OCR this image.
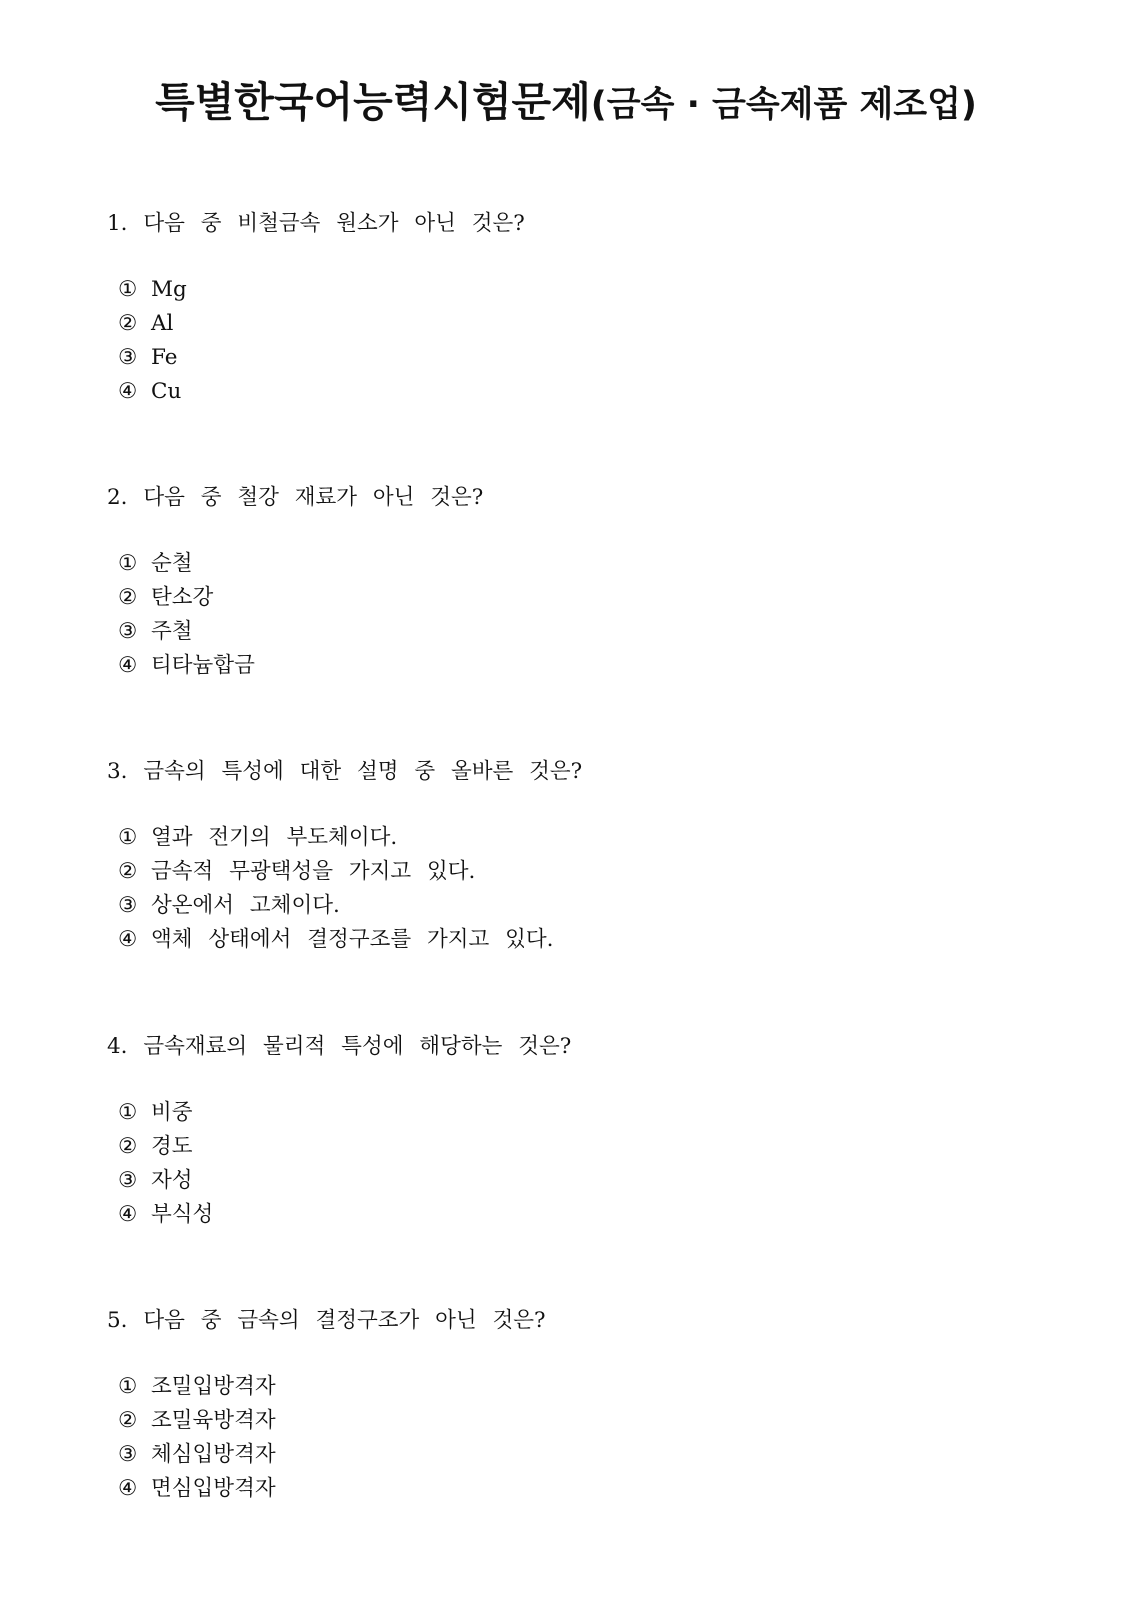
특별한국어능력시험문제(금속 · 금속제품 제조업)
1. 다음 중 비철금속 원소가 아닌 것은?
① Mg
② Al
③ Fe
④ Cu
2. 다음 중 철강 재료가 아닌 것은?
① 순철
② 탄소강
③ 주철
④ 티타늄합금
3. 금속의 특성에 대한 설명 중 올바른 것은?
① 열과 전기의 부도체이다.
② 금속적 무광택성을 가지고 있다.
③ 상온에서 고체이다.
④ 액체 상태에서 결정구조를 가지고 있다.
4. 금속재료의 물리적 특성에 해당하는 것은?
① 비중
② 경도
③ 자성
④ 부식성
5. 다음 중 금속의 결정구조가 아닌 것은?
① 조밀입방격자
② 조밀육방격자
③ 체심입방격자
④ 면심입방격자
